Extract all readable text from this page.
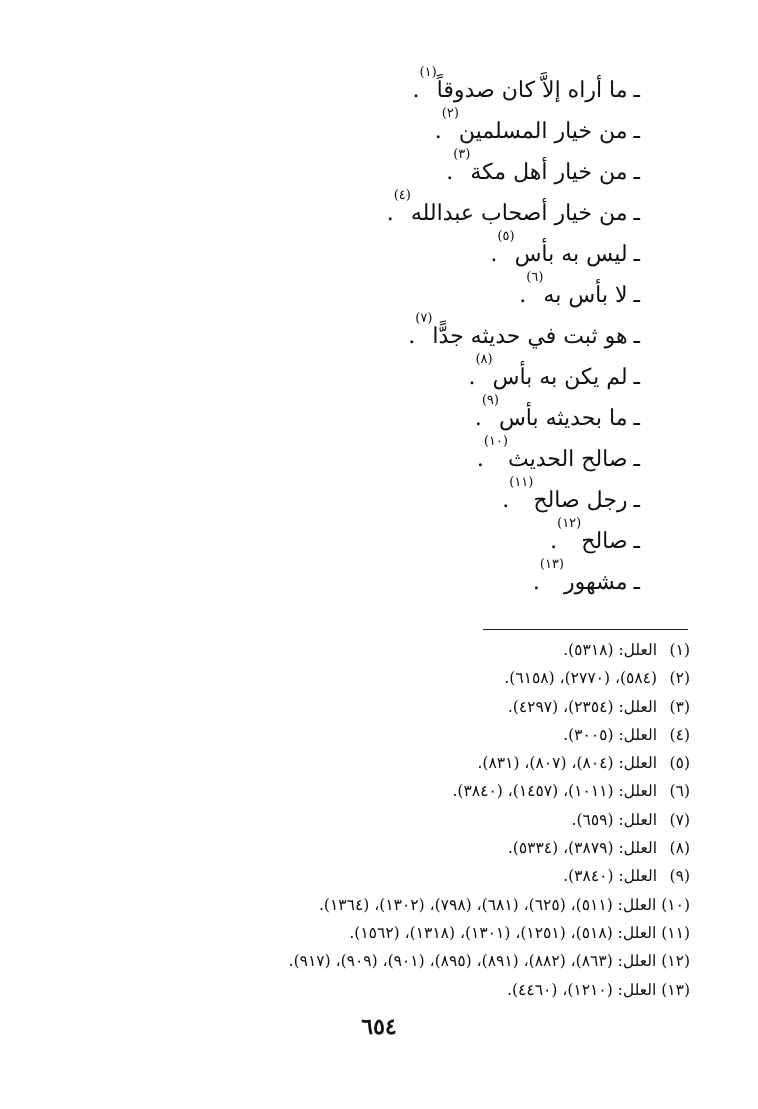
ـما أراه إلاَّ كان صدوقاً$^{(١)}$.
ـمن خيار المسلمين$^{(٢)}$.
ـمن خيار أهل مكة$^{(٣)}$.
ـمن خيار أصحاب عبدالله$^{(٤)}$.
ـليس به بأس$^{(٥)}$.
ـلا بأس به$^{(٦)}$.
ـهو ثبت في حديثه جدًّا$^{(٧)}$.
ـلم يكن به بأس$^{(٨)}$.
ـما بحديثه بأس$^{(٩)}$.
ـصالح الحديث$^{(١٠)}$.
ـرجل صالح$^{(١١)}$.
ـصالح$^{(١٢)}$.
ـمشهور$^{(١٣)}$.
(١) العلل: (٥٣١٨).
(٢) (٥٨٤)، (٢٧٧٠)، (٦١٥٨).
(٣) العلل: (٢٣٥٤)، (٤٢٩٧).
(٤) العلل: (٣٠٠٥).
(٥) العلل: (٨٠٤)، (٨٠٧)، (٨٣١).
(٦) العلل: (١٠١١)، (١٤٥٧)، (٣٨٤٠).
(٧) العلل: (٦٥٩).
(٨) العلل: (٣٨٧٩)، (٥٣٣٤).
(٩) العلل: (٣٨٤٠).
(١٠) العلل: (٥١١)، (٦٢٥)، (٦٨١)، (٧٩٨)، (١٣٠٢)، (١٣٦٤).
(١١) العلل: (٥١٨)، (١٢٥١)، (١٣٠١)، (١٣١٨)، (١٥٦٢).
(١٢) العلل: (٨٦٣)، (٨٨٢)، (٨٩١)، (٨٩٥)، (٩٠١)، (٩٠٩)، (٩١٧).
(١٣) العلل: (١٢١٠)، (٤٤٦٠).
٦٥٤
